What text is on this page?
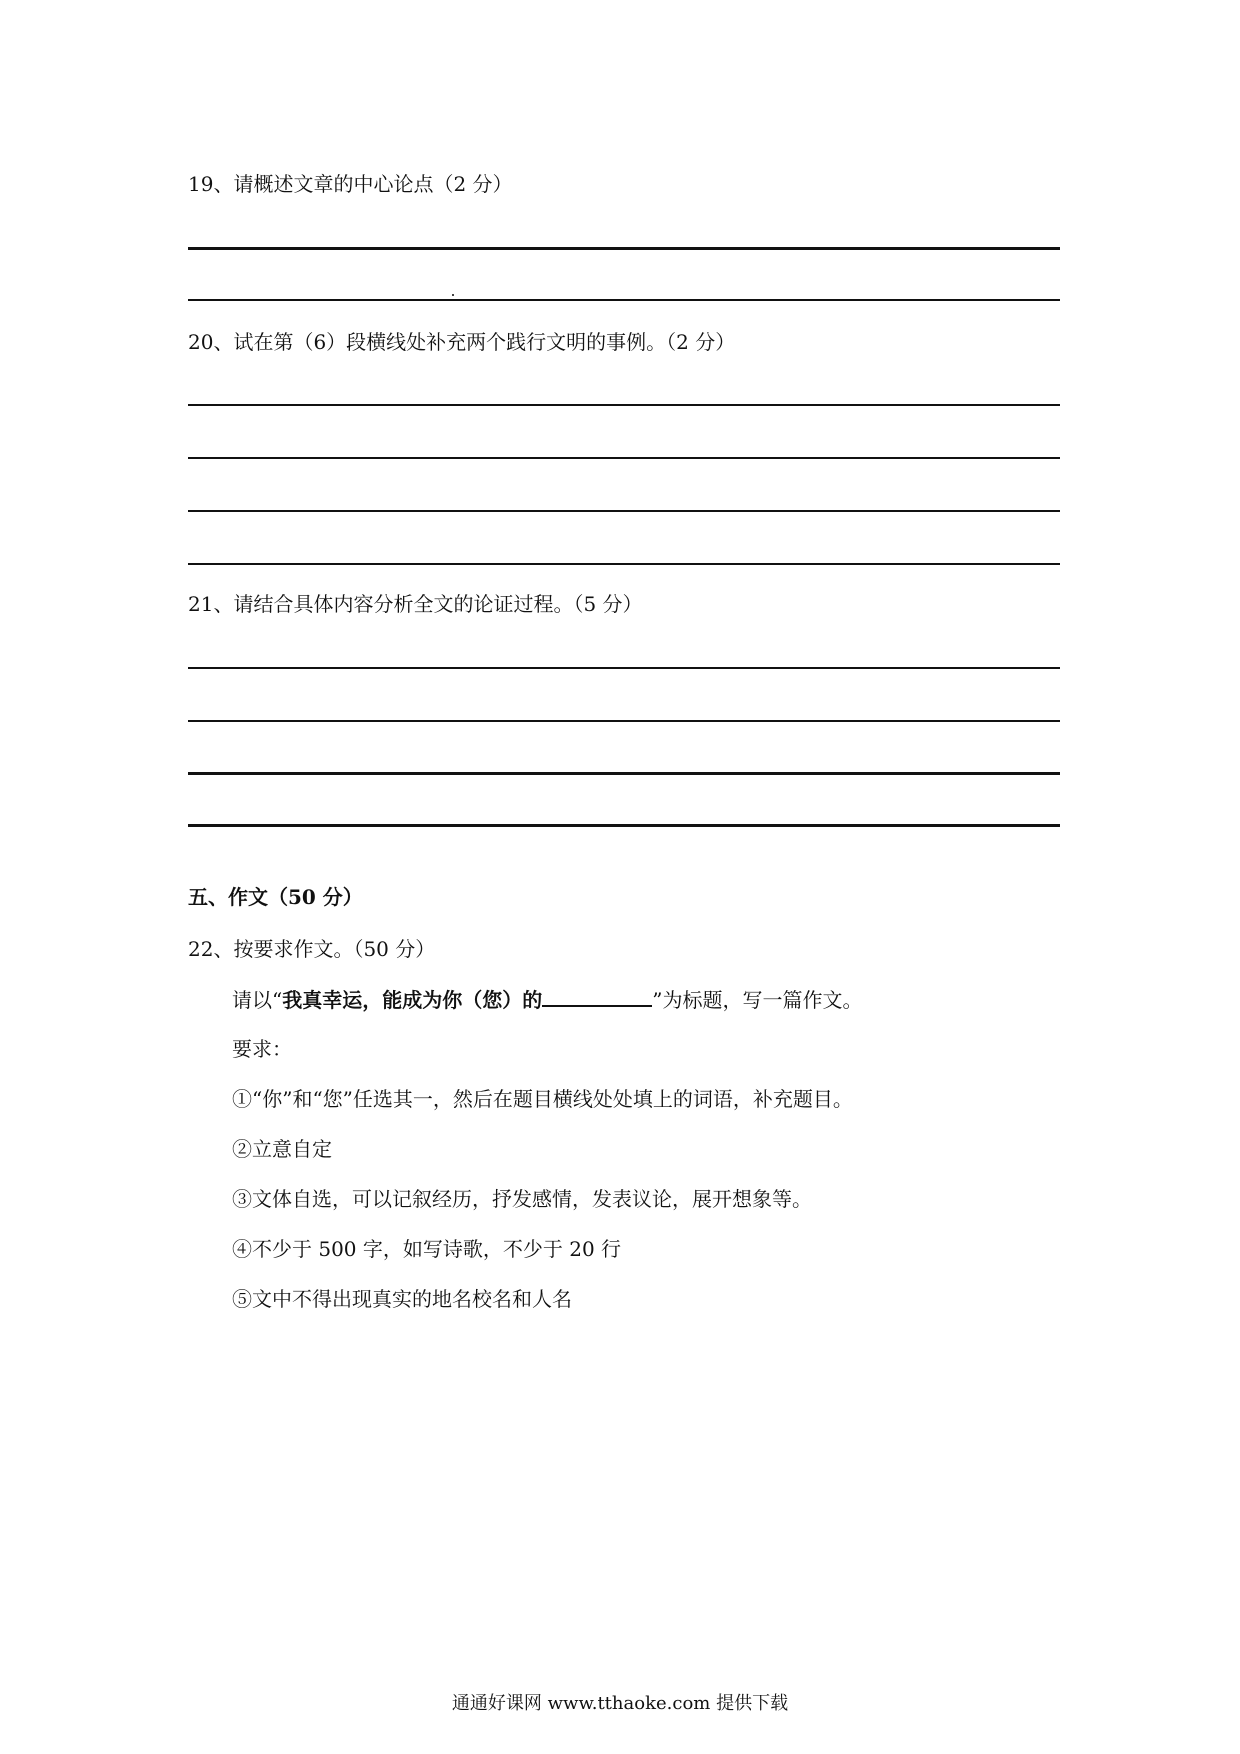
19、请概述文章的中心论点（2 分）
20、试在第（6）段横线处补充两个践行文明的事例。（2 分）
21、请结合具体内容分析全文的论证过程。（5 分）
五、作文（50 分）
22、按要求作文。（50 分）
请以“我真幸运，能成为你（您）的	”为标题，写一篇作文。
要求：
①“你”和“您”任选其一，然后在题目横线处处填上的词语，补充题目。
②立意自定
③文体自选，可以记叙经历，抒发感情，发表议论，展开想象等。
④不少于 500 字，如写诗歌，不少于 20 行
⑤文中不得出现真实的地名校名和人名
通通好课网 www.tthaoke.com 提供下载
